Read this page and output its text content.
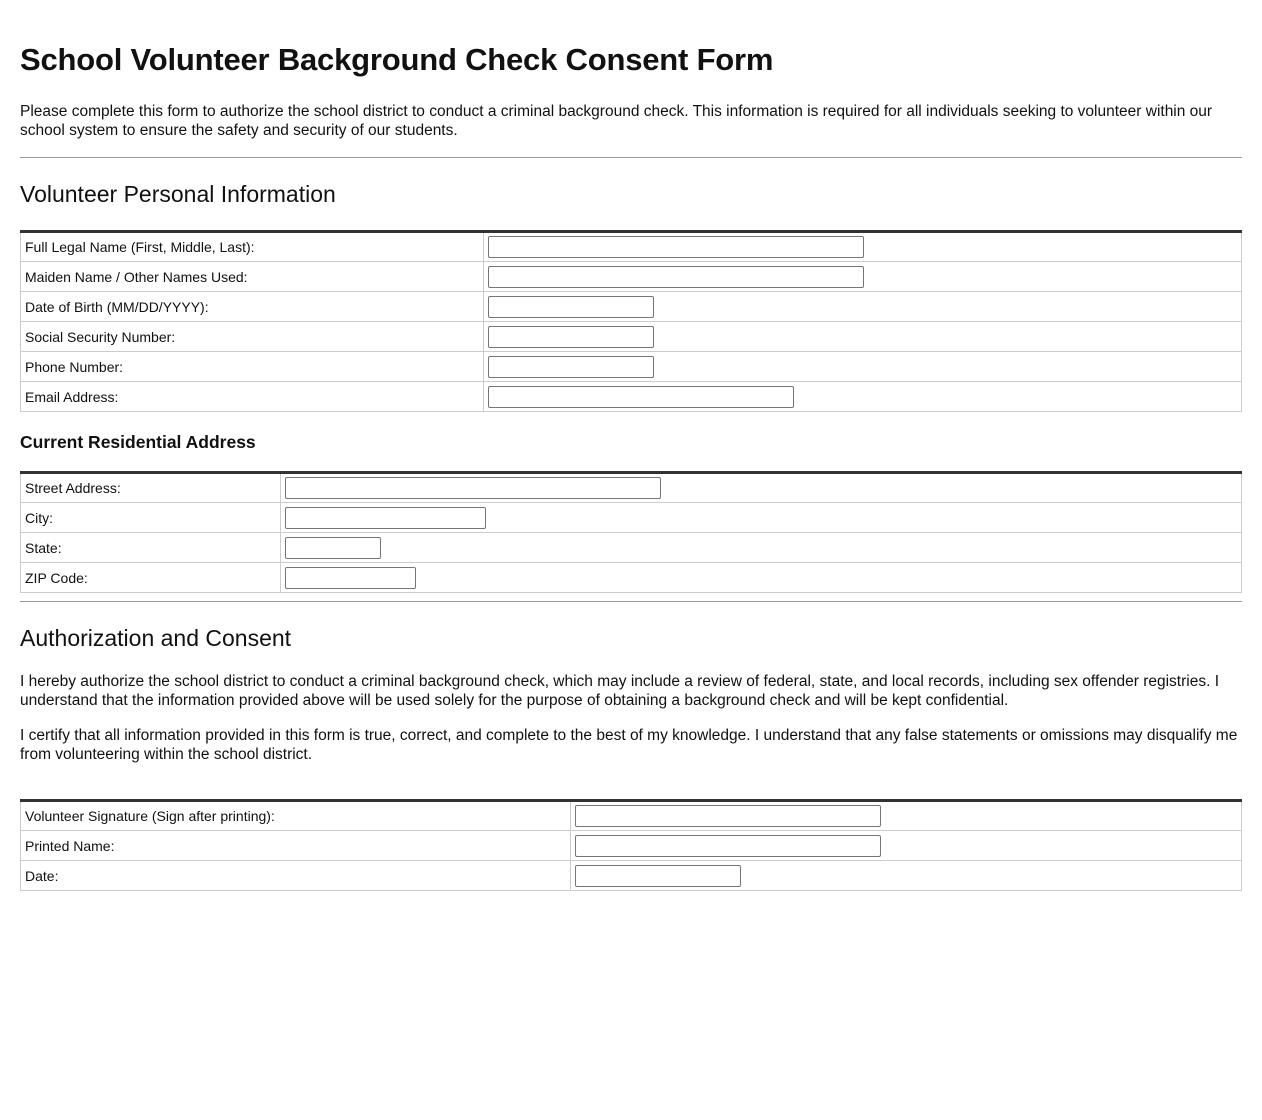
School Volunteer Background Check Consent Form

Please complete this form to authorize the school district to conduct a criminal background check. This information is required for all individuals seeking to volunteer within our school system to ensure the safety and security of our students.

Volunteer Personal Information
Full Legal Name (First, Middle, Last):	

Maiden Name / Other Names Used:	

Date of Birth (MM/DD/YYYY):	

Social Security Number:	

Phone Number:	

Email Address:	
Current Residential Address
Street Address:	

City:	

State:	

ZIP Code:	
Authorization and Consent

I hereby authorize the school district to conduct a criminal background check, which may include a review of federal, state, and local records, including sex offender registries. I understand that the information provided above will be used solely for the purpose of obtaining a background check and will be kept confidential.

I certify that all information provided in this form is true, correct, and complete to the best of my knowledge. I understand that any false statements or omissions may disqualify me from volunteering within the school district.

Volunteer Signature (Sign after printing):	

Printed Name:	

Date:	
